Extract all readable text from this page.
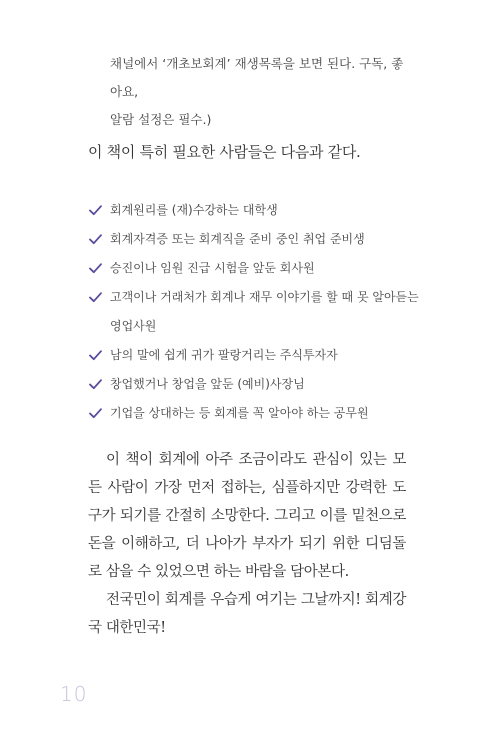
채널에서 ‘개초보회계’ 재생목록을 보면 된다. 구독, 좋아요,

알람 설정은 필수.)

이 책이 특히 필요한 사람들은 다음과 같다.
회계원리를 (재)수강하는 대학생
회계자격증 또는 회계직을 준비 중인 취업 준비생
승진이나 임원 진급 시험을 앞둔 회사원
고객이나 거래처가 회계나 재무 이야기를 할 때 못 알아듣는
영업사원
남의 말에 쉽게 귀가 팔랑거리는 주식투자자
창업했거나 창업을 앞둔 (예비)사장님
기업을 상대하는 등 회계를 꼭 알아야 하는 공무원

이 책이 회계에 아주 조금이라도 관심이 있는 모든 사람이 가장 먼저 접하는, 심플하지만 강력한 도구가 되기를 간절히 소망한다. 그리고 이를 밑천으로 돈을 이해하고, 더 나아가 부자가 되기 위한 디딤돌로 삼을 수 있었으면 하는 바람을 담아본다.

전국민이 회계를 우습게 여기는 그날까지! 회계강국 대한민국!

10
